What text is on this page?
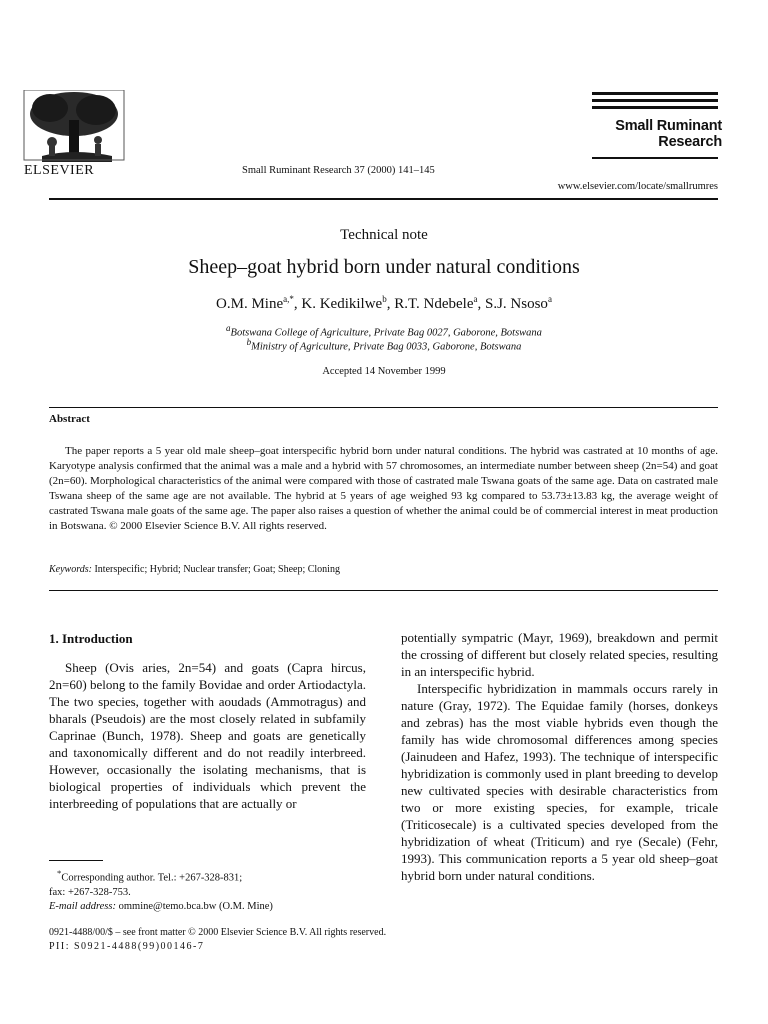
ELSEVIER	Small Ruminant Research 37 (2000) 141–145
Small Ruminant
Research
www.elsevier.com/locate/smallrumres
Technical note
Sheep–goat hybrid born under natural conditions
O.M. Mine$^{a,*}$, K. Kedikilwe$^b$, R.T. Ndebele$^a$, S.J. Nsoso$^a$
$^a$Botswana College of Agriculture, Private Bag 0027, Gaborone, Botswana
$^b$Ministry of Agriculture, Private Bag 0033, Gaborone, Botswana
Accepted 14 November 1999
Abstract
The paper reports a 5 year old male sheep–goat interspecific hybrid born under natural conditions. The hybrid was castrated at 10 months of age. Karyotype analysis confirmed that the animal was a male and a hybrid with 57 chromosomes, an intermediate number between sheep (2n=54) and goat (2n=60). Morphological characteristics of the animal were compared with those of castrated male Tswana goats of the same age. Data on castrated male Tswana sheep of the same age are not available. The hybrid at 5 years of age weighed 93 kg compared to 53.73±13.83 kg, the average weight of castrated Tswana male goats of the same age. The paper also raises a question of whether the animal could be of commercial interest in meat production in Botswana. © 2000 Elsevier Science B.V. All rights reserved.
Keywords: Interspecific; Hybrid; Nuclear transfer; Goat; Sheep; Cloning
1. Introduction

Sheep (Ovis aries, 2n=54) and goats (Capra hircus, 2n=60) belong to the family Bovidae and order Artiodactyla. The two species, together with aoudads (Ammotragus) and bharals (Pseudois) are the most closely related in subfamily Caprinae (Bunch, 1978). Sheep and goats are genetically and taxonomically different and do not readily interbreed. However, occasionally the isolating mechanisms, that is biological properties of individuals which prevent the interbreeding of populations that are actually or

potentially sympatric (Mayr, 1969), breakdown and permit the crossing of different but closely related species, resulting in an interspecific hybrid.

Interspecific hybridization in mammals occurs rarely in nature (Gray, 1972). The Equidae family (horses, donkeys and zebras) has the most viable hybrids even though the family has wide chromosomal differences among species (Jainudeen and Hafez, 1993). The technique of interspecific hybridization is commonly used in plant breeding to develop new cultivated species with desirable characteristics from two or more existing species, for example, tricale (Triticosecale) is a cultivated species developed from the hybridization of wheat (Triticum) and rye (Secale) (Fehr, 1993). This communication reports a 5 year old sheep–goat hybrid born under natural conditions.

*Corresponding author. Tel.: +267-328-831;
fax: +267-328-753.
E-mail address: ommine@temo.bca.bw (O.M. Mine)
0921-4488/00/$ – see front matter © 2000 Elsevier Science B.V. All rights reserved.
PII: S0921-4488(99)00146-7
